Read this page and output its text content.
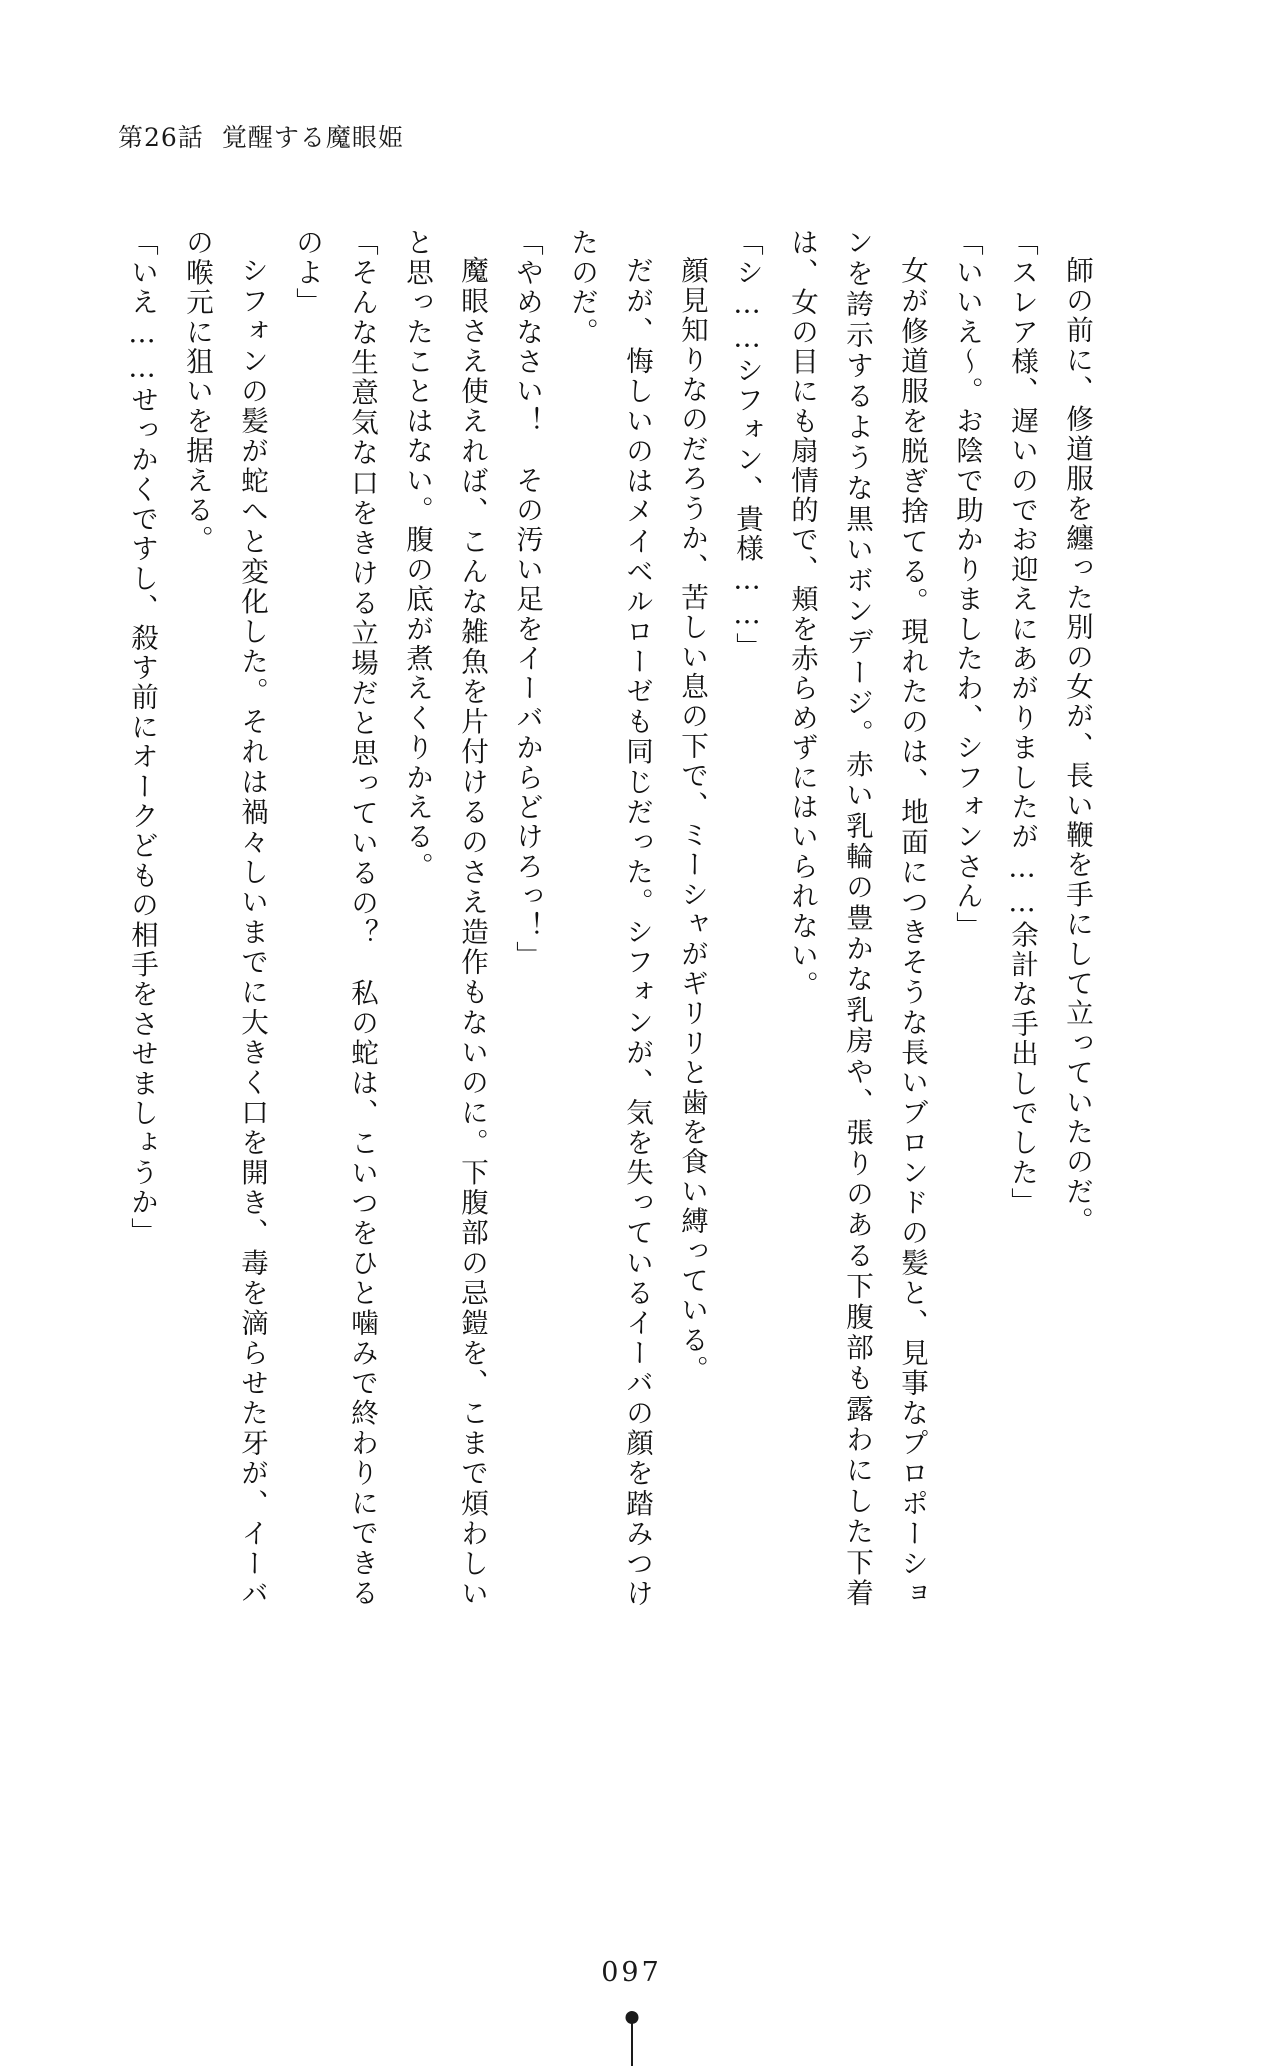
第26話 覚醒する魔眼姫

師の前に、修道服を纏った別の女が、長い鞭を手にして立っていたのだ。

「スレア様、遅いのでお迎えにあがりましたが……余計な手出しでした」

「いいえ〜。お陰で助かりましたわ、シフォンさん」

女が修道服を脱ぎ捨てる。現れたのは、地面につきそうな長いブロンドの髪と、見事なプロポーションを誇示するような黒いボンデージ。赤い乳輪の豊かな乳房や、張りのある下腹部も露わにした下着は、女の目にも扇情的で、頬を赤らめずにはいられない。

「シ……シフォン、貴様……」

顔見知りなのだろうか、苦しい息の下で、ミーシャがギリリと歯を食い縛っている。

だが、悔しいのはメイベルローゼも同じだった。シフォンが、気を失っているイーバの顔を踏みつけたのだ。

「やめなさい！　その汚い足をイーバからどけろっ！」

魔眼さえ使えれば、こんな雑魚を片付けるのさえ造作もないのに。下腹部の忌鎧を、こまで煩わしいと思ったことはない。腹の底が煮えくりかえる。

「そんな生意気な口をきける立場だと思っているの？　私の蛇は、こいつをひと噛みで終わりにできるのよ」

シフォンの髪が蛇へと変化した。それは禍々しいまでに大きく口を開き、毒を滴らせた牙が、イーバの喉元に狙いを据える。

「いえ……せっかくですし、殺す前にオークどもの相手をさせましょうか」

097
